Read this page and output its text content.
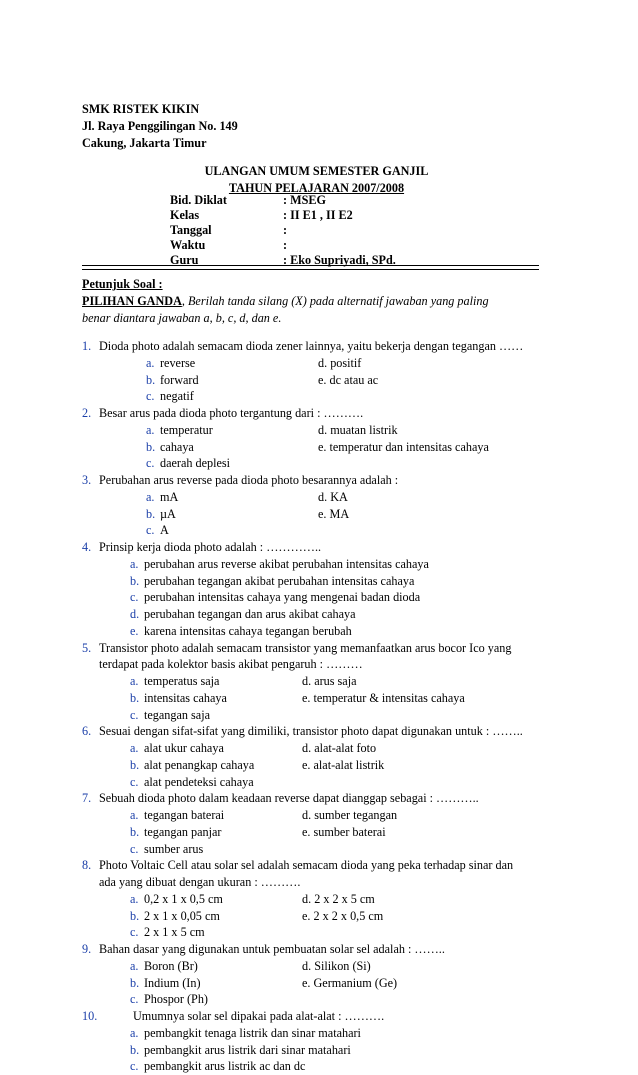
SMK RISTEK KIKIN
Jl. Raya Penggilingan No. 149
Cakung, Jakarta Timur
ULANGAN UMUM SEMESTER GANJIL
TAHUN PELAJARAN 2007/2008
Bid. Diklat	: MSEG
Kelas	: II E1 , II E2
Tanggal	:
Waktu	:
Guru	: Eko Supriyadi, SPd.
Petunjuk Soal :
PILIHAN GANDA, Berilah tanda silang (X) pada alternatif jawaban yang paling
benar diantara jawaban a, b, c, d, dan e.
1. Dioda photo adalah semacam dioda zener lainnya, yaitu bekerja dengan tegangan ……
a. reverse	d. positif
b. forward	e. dc atau ac
c. negatif
2. Besar arus pada dioda photo tergantung dari : ……….
a. temperatur	d. muatan listrik
b. cahaya	e. temperatur dan intensitas cahaya
c. daerah deplesi
3. Perubahan arus reverse pada dioda photo besarannya adalah :
a. mA	d. KA
b. µA	e. MA
c. A
4. Prinsip kerja dioda photo adalah : …………..
a. perubahan arus reverse akibat perubahan intensitas cahaya
b. perubahan tegangan akibat perubahan intensitas cahaya
c. perubahan intensitas cahaya yang mengenai badan dioda
d. perubahan tegangan dan arus akibat cahaya
e. karena intensitas cahaya tegangan berubah
5. Transistor photo adalah semacam transistor yang memanfaatkan arus bocor Ico yang
terdapat pada kolektor basis akibat pengaruh : ………
a. temperatus saja	d. arus saja
b. intensitas cahaya	e. temperatur & intensitas cahaya
c. tegangan saja
6. Sesuai dengan sifat-sifat yang dimiliki, transistor photo dapat digunakan untuk : ……..
a. alat ukur cahaya	d. alat-alat foto
b. alat penangkap cahaya	e. alat-alat listrik
c. alat pendeteksi cahaya
7. Sebuah dioda photo dalam keadaan reverse dapat dianggap sebagai : ………..
a. tegangan baterai	d. sumber tegangan
b. tegangan panjar	e. sumber baterai
c. sumber arus
8. Photo Voltaic Cell atau solar sel adalah semacam dioda yang peka terhadap sinar dan
ada yang dibuat dengan ukuran : ……….
a. 0,2 x 1 x 0,5 cm	d. 2 x 2 x 5 cm
b. 2 x 1 x 0,05 cm	e. 2 x 2 x 0,5 cm
c. 2 x 1 x 5 cm
9. Bahan dasar yang digunakan untuk pembuatan solar sel adalah : ……..
a. Boron (Br)	d. Silikon (Si)
b. Indium (In)	e. Germanium (Ge)
c. Phospor (Ph)
10.	Umumnya solar sel dipakai pada alat-alat : ……….
a. pembangkit tenaga listrik dan sinar matahari
b. pembangkit arus listrik dari sinar matahari
c. pembangkit arus listrik ac dan dc
